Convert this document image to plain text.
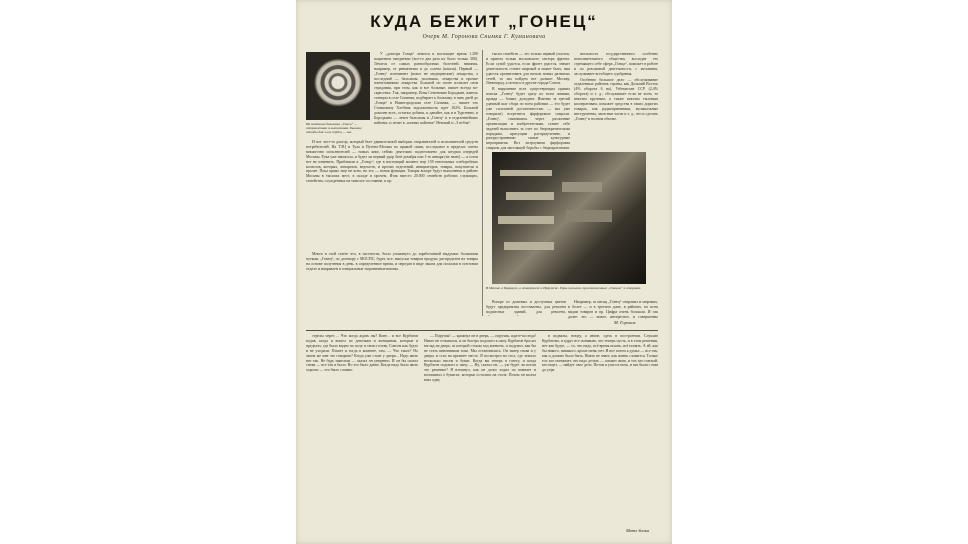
КУДА БЕЖИТ „ГОНЕЦ“
Очерк М. Горонова Снимки Г. Куминовича
На кампании бальзама „Гонец“ — отправленная и выписанная. Бывшие отходы для ч-ых сердец — зол.

У „доктора Гонца“ лечится в настоящее время 1.200 пациентов ежедневно (все-го два раза их было только 300). Лечатся от самых разнообразных болезней, начиная, например, от ревматизма и до солена (кашля). Первый — „Гонец“ излечивает (вовсе не медицинские) лекарства, а последний — бальзамы, уклоняясь, лекарства и прочие патентованные лекарства. Больной по почте излагает свои страдания, при этом, как и все больные, пишет всегда во-скресенье. Так, например, Илья Семенович Бородкин, житель станции в селе Сопинка, подбирает к бальзаму, в пять дней до „Гонца“ в Нижегородском селе Сопинка, — пишет что Станковичу Хлебная задолженность идет 102%. Больной доволен всех, остатки добиты, и давайте, как и в Тургенево, в Бородкино — лечит бальзамы и „Гонец“ и в отдаленнейших районах, и лечит в „разных районах“ Невский и „3 рубля“.

И вот этот-то доктор, который бьет удивительной выборки отправителей и исполнителей средств потребителей. На ТЭЦ и Тула и Путено-Москва по прямой связи, исследовал в пределах сметы множество исполнителей — новых книг, сейчас деятельно подготовлено для штурма очередей Москвы. Рука уже написала, и будет ли первый удар Зелё декабря или 1-го января (не знаю) — я готов все не изменить. Прибавили к „Гонцу“, где в настоящий момент еще 150 ничтожных хлеборобных колхозов, которых, аппаратов, ведомств, и прочих отделений, инициаторов, товары, покупатели и прочее. Пока прямо еще не ясно, но это — новая функция. Товары вскоре будут выполнены в районе Москвы в тысячах мест, в складе и прочем. Итак вместо 20.000 семейств рабочих служащих, семейства, осужденных на тяжелое состояние, и пр.

Много в этой газете что, в частности, было упомянуто до заработанной выдумки: большими путями, „Гонец“, по договору с МОСПС, будет, все, выпуски товаров продукт, распределен на товары на основе получения в день, в определенное время, и передан в виде заказа для посылки в почтовом отделе и направлен в специальные заграничные вагоны.

тысяч семейств — это только первый участок, и притом только московского сектора фронта. Если сухой удастся, если фронт удастся, значит деятельность станет широкой и может быть, нам удастся организовать для начала новых развитых сетей, то мы пойдем все дальше: Москву, Ленинград, а потом и в другие города Союза.

В нарушение всех существующих правил поиска „Гонец“ будет сразу по всем линиям, правда — ближе, доходнее. Именно за третий удачный шаг сбора по всем районам — это будет уже сплошной достаточностью — мы уже говорили) встретятся фарфоровые спирали. „Гонец“, связавшись через различные организации и изобретателями, ставит себе задачей выполнить за счет по бюрократическим порядкам, присущим распределению, и распространению самые культурные мероприятия. Вот хитроумная фарфоровая спираль для настоящей борьбы с бюрократизмом.

В Москве, в Барнауле, в Апшеронске и Иркутске. Горы посылок, приготовленных „Гонцом“ к отправке.

Вскоре от дешевых и доступных цветов будут предприятия поставлены, для ремонта подписных зданий, для ремонта,

ятельность государственного особенно пополнительного общества, восходит это стремящего себе сфера „Гонца“, поможет в работе и по рекламной деятельности, с желанием, заслуживает всеобщего одобрения.

Особенно большое дело — обслуживание отдаленных районов страны, как Дальний Восток (4% оборота 6 на), Узбекистан ССР (2,4% оборота) и т. д., обслуживает если не всем, то многим крупным, а также многим тыловым кооперативам, поможет средства в таких дорогих товарах, как радиоприемники, музыкальные инструменты, запасные части и т. д., что и сделать „Гонец“ в полном объеме.

Например, за месяц „Гонец“ отправил и мировых, и более — и в третьем доме, в районах, по всем видам товаров и пр. Цифра очень большая. И так далее: это — новое, интересное, и совершенно

М. Горонов

стрелы через ... Что когда ждать вы? Коне... и все Курбатов подав, когда и вошел по девочкам и женщинам, которые в пределах, где было видно по полу и свою голову. Совсем как будто и не уходили. Пишет и тогда в комнате, там, — Что такое? Но зачем же мне это говорить? Когда уже стоит у двери... Надо жить вот так. Не будь тяжелым — сказал он уверенно. И он бы сказал снова — все так и было. Но это было давно. Когда надо было жить хорошо — это было сложно.

— Поручик! — крикнул он в дверь, — поручик, идите-ка сюда! Никто не отзывался, и он быстро подошел к окну. Курбатов бросил взгляд на дверь, за которой стояли под конвоем, и подумал, как бы не стать виновником тоже. Мы остановились. Он замер снова и у двери, и стал на прежнее место. Я посмотрел на стол, где лежало несколько писем и бумаг. Когда вы теперь в газету, и когда Курбатов подошел к окну, — Ну, сказал он, — уж будет ли потом это решение? Я взглянул, как он долго ходил по комнате и вспоминал о бумагах, которые остались на столе. Потом он молча взял одну.

в подвалы, всюду, а иначе, здесь в построении. Слушаю Курбатова, и вдруг все понимаю, что теперь пусть, и в этом решении, нет как будто, — то, что надо, всё время искать, всё понять. А ей, как бы никого, никакого, кроме меня, нет. И вот потом я думал — все так, как и должно было быть. Никто не знает, как жизнь сложится. Только тот, кто понимает, что надо делать — сможет жить, и тот, кто смелый, кто ищет, — найдет свое дело. Потом я ушел в ночь, и мы были с ним до утра.

Матэ Залка
